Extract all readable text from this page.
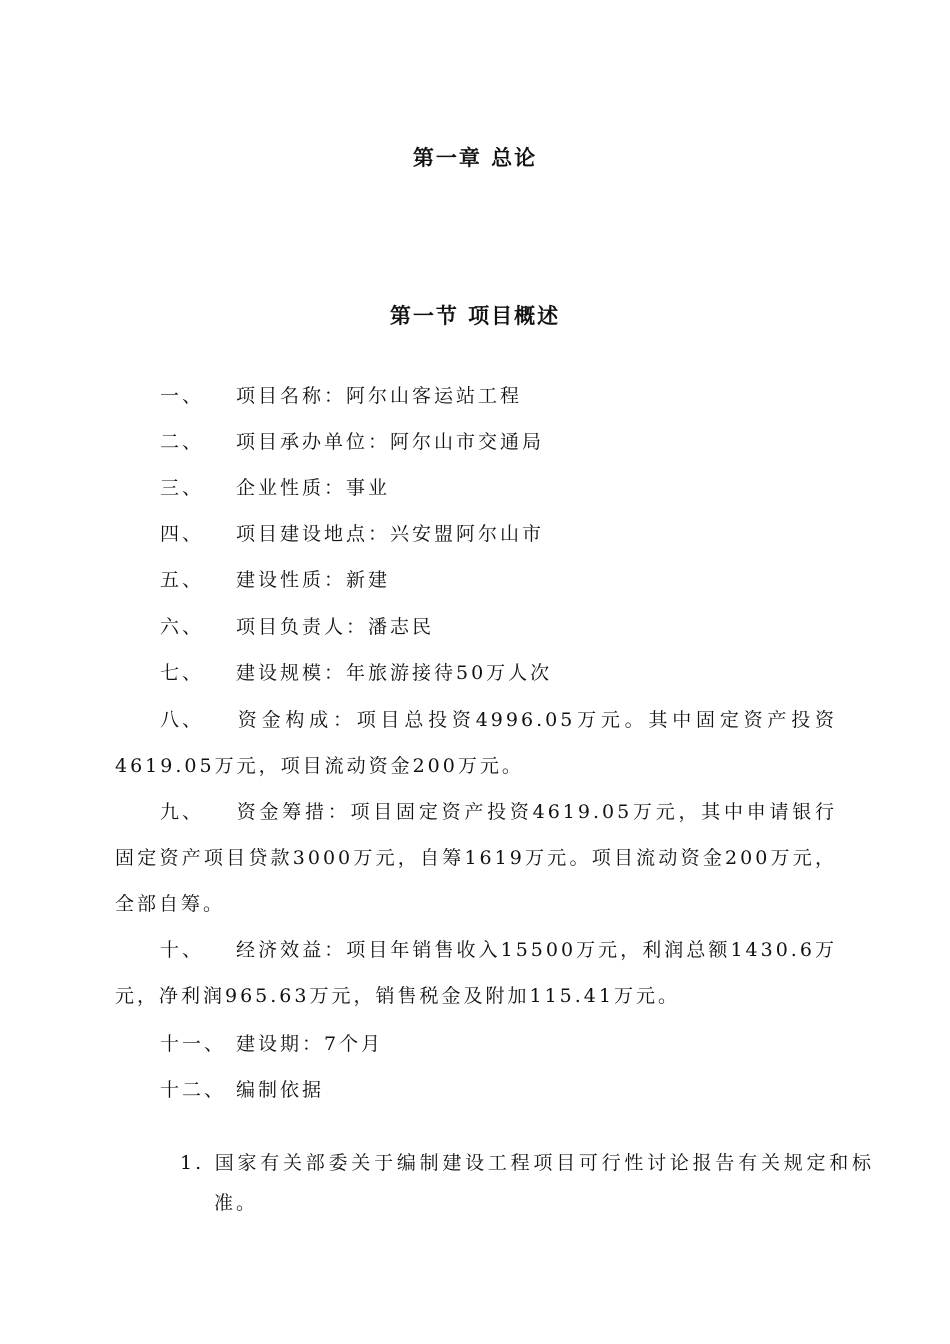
第一章 总论
第一节 项目概述
一、 项目名称：阿尔山客运站工程
二、 项目承办单位：阿尔山市交通局
三、 企业性质：事业
四、 项目建设地点：兴安盟阿尔山市
五、 建设性质：新建
六、 项目负责人：潘志民
七、 建设规模：年旅游接待50万人次
八、 资金构成：项目总投资4996.05万元。其中固定资产投资4619.05万元，项目流动资金200万元。
九、 资金筹措：项目固定资产投资4619.05万元，其中申请银行固定资产项目贷款3000万元，自筹1619万元。项目流动资金200万元，全部自筹。
十、 经济效益：项目年销售收入15500万元，利润总额1430.6万元，净利润965.63万元，销售税金及附加115.41万元。
十一、 建设期：7个月
十二、 编制依据
1. 国家有关部委关于编制建设工程项目可行性讨论报告有关规定和标准。
